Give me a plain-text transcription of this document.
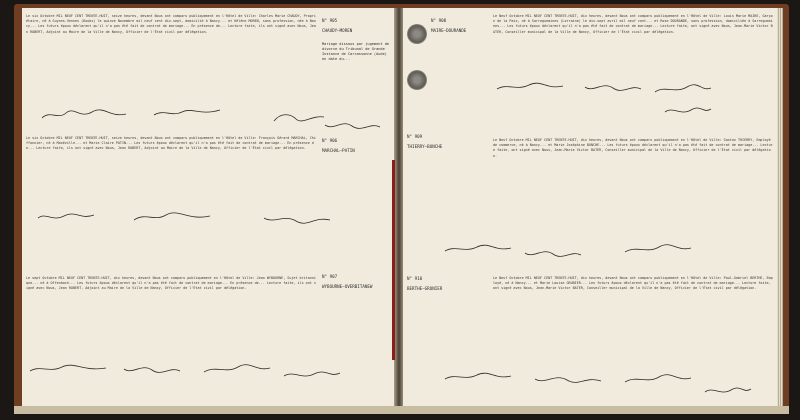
Le six Octobre MIL NEUF CENT TRENTE-HUIT, seize heures, devant Nous ont comparu publiquement en l'Hôtel de Ville: Charles Marie CHAUDY, Propriétaire, né à Guyans-Vennes (Doubs) le quinze Novembre mil neuf cent dix-sept, domicilié à Nancy... et Hélène MOREN, sans profession, née à Nancy... Les futurs époux déclarent qu'il n'a pas été fait de contrat de mariage... En présence de... Lecture faite, ils ont signé avec Nous, Jean ROBERT, Adjoint au Maire de la Ville de Nancy, Officier de l'État civil par délégation.
N° 905
CHAUDY—MOREN
Mariage dissous par jugement de divorce du Tribunal de Grande Instance de Carcassonne (Aude) en date du...
Le six Octobre MIL NEUF CENT TRENTE-HUIT, seize heures, devant Nous ont comparu publiquement en l'Hôtel de Ville: François Gérard MARCHAL, Chiffonnier, né à Maxéville... et Marie Claire PATIN... Les futurs époux déclarent qu'il n'a pas été fait de contrat de mariage... En présence de... Lecture faite, ils ont signé avec Nous, Jean ROBERT, Adjoint au Maire de la Ville de Nancy, Officier de l'État civil par délégation.
N° 906
MARCHAL—PATIN
Le sept Octobre MIL NEUF CENT TRENTE-HUIT, dix heures, devant Nous ont comparu publiquement en l'Hôtel de Ville: Jean WYBOURNE, Sujet britannique... né à Offenbach... Les futurs époux déclarent qu'il n'a pas été fait de contrat de mariage... En présence de... Lecture faite, ils ont signé avec Nous, Jean ROBERT, Adjoint au Maire de la Ville de Nancy, Officier de l'État civil par délégation.
N° 907
WYBOURNE—OVERBITANEW
N° 908
MAIRE—DOURANDE
Le Neuf Octobre MIL NEUF CENT TRENTE-HUIT, dix heures, devant Nous ont comparu publiquement en l'Hôtel de Ville: Louis Marie MAIRE, Garçon de la Paix, né à Sarreguemines (Lorraine) le dix-sept avril mil neuf cent... et Rose DOURANDE, sans profession, domiciliée à Sarreguemines... Les futurs époux déclarent qu'il n'a pas été fait de contrat de mariage... Lecture faite, ont signé avec Nous, Jean-Marie Victor BATER, Conseiller municipal de la Ville de Nancy, Officier de l'État civil par délégation.
N° 909
THIERRY—BUNCHE
Le Neuf Octobre MIL NEUF CENT TRENTE-HUIT, dix heures, devant Nous ont comparu publiquement en l'Hôtel de Ville: Gaston THIERRY, Employé de commerce, né à Nancy... et Marie Joséphine BUNCHE... Les futurs époux déclarent qu'il n'a pas été fait de contrat de mariage... Lecture faite, ont signé avec Nous, Jean-Marie Victor BATER, Conseiller municipal de la Ville de Nancy, Officier de l'État civil par délégation.
N° 910
BERTHE—GRUNIER
Le Neuf Octobre MIL NEUF CENT TRENTE-HUIT, dix heures, devant Nous ont comparu publiquement en l'Hôtel de Ville: Paul-Gabriel BERTHE, Employé, né à Nancy... et Marie Louise GRUNIER... Les futurs époux déclarent qu'il n'a pas été fait de contrat de mariage... Lecture faite, ont signé avec Nous, Jean-Marie Victor BATER, Conseiller municipal de la Ville de Nancy, Officier de l'État civil par délégation.
